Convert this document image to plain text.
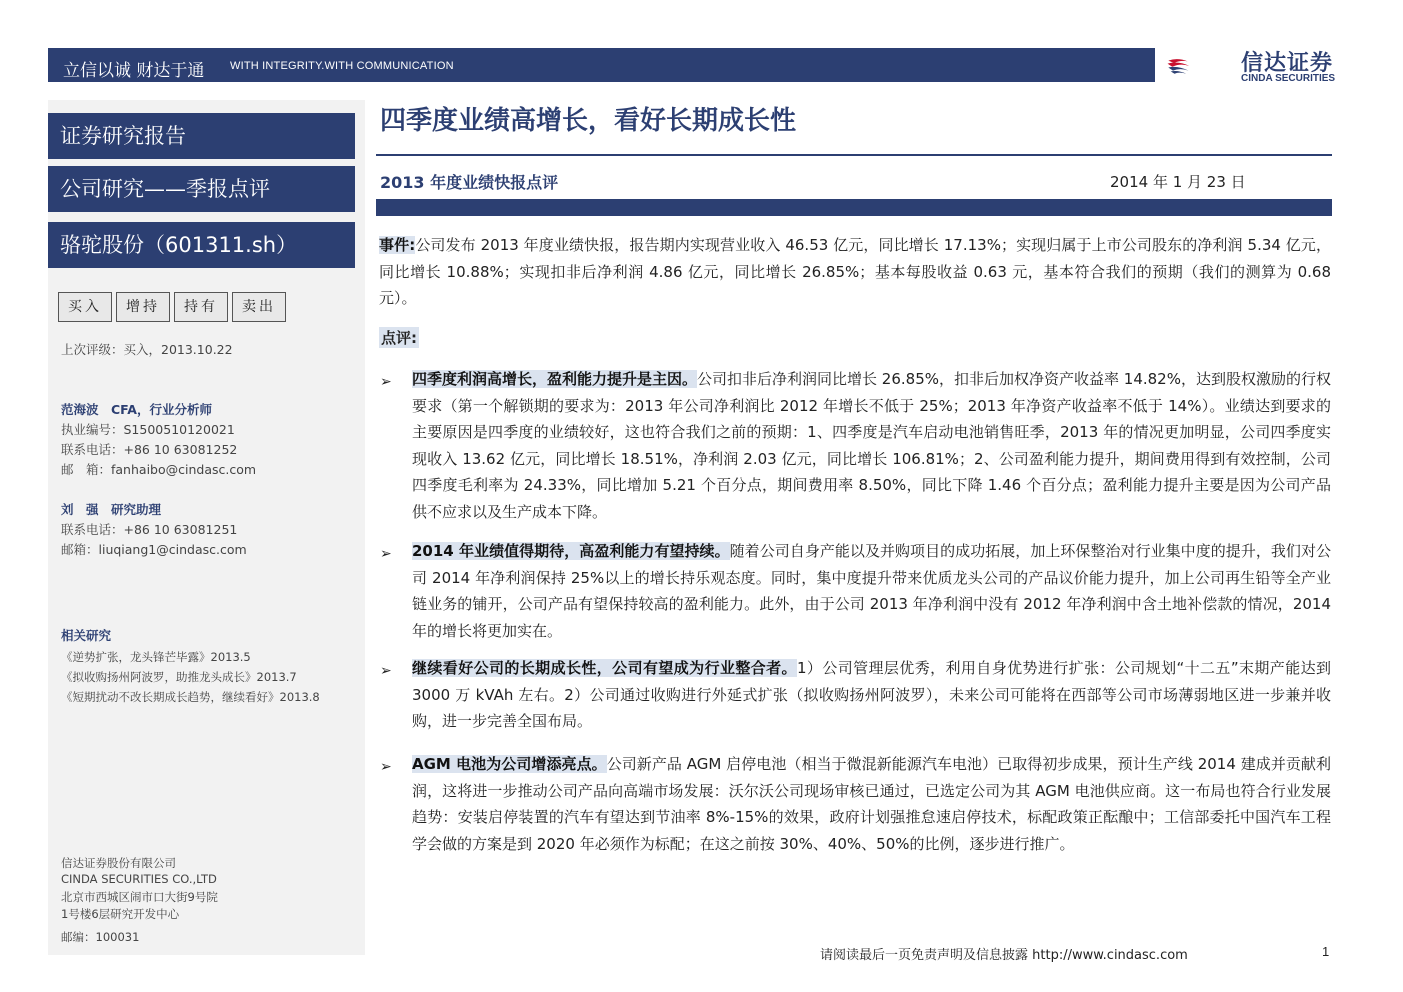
立信以诚 财达于通 WITH INTEGRITY.WITH COMMUNICATION	信达证券
CINDA SECURITIES
证券研究报告
公司研究——季报点评
骆驼股份（601311.sh）
买入	增持	持有	卖出
上次评级：买入，2013.10.22
范海波　CFA，行业分析师
执业编号：S1500510120021
联系电话：+86 10 63081252
邮　箱：fanhaibo@cindasc.com
刘　强　研究助理
联系电话：+86 10 63081251
邮箱：liuqiang1@cindasc.com
相关研究
《逆势扩张，龙头锋芒毕露》2013.5
《拟收购扬州阿波罗，助推龙头成长》2013.7
《短期扰动不改长期成长趋势，继续看好》2013.8
信达证券股份有限公司
CINDA SECURITIES CO.,LTD
北京市西城区闹市口大街9号院
1号楼6层研究开发中心
邮编：100031
四季度业绩高增长，看好长期成长性
2013 年度业绩快报点评	2014 年 1 月 23 日
事件:公司发布 2013 年度业绩快报，报告期内实现营业收入 46.53 亿元，同比增长 17.13%；实现归属于上市公司股东的净利润 5.34 亿元，同比增长 10.88%；实现扣非后净利润 4.86 亿元，同比增长 26.85%；基本每股收益 0.63 元，基本符合我们的预期（我们的测算为 0.68 元）。
点评:
➢ 四季度利润高增长，盈利能力提升是主因。公司扣非后净利润同比增长 26.85%，扣非后加权净资产收益率 14.82%，达到股权激励的行权要求（第一个解锁期的要求为：2013 年公司净利润比 2012 年增长不低于 25%；2013 年净资产收益率不低于 14%）。业绩达到要求的主要原因是四季度的业绩较好，这也符合我们之前的预期：1、四季度是汽车启动电池销售旺季，2013 年的情况更加明显，公司四季度实现收入 13.62 亿元，同比增长 18.51%，净利润 2.03 亿元，同比增长 106.81%；2、公司盈利能力提升，期间费用得到有效控制，公司四季度毛利率为 24.33%，同比增加 5.21 个百分点，期间费用率 8.50%，同比下降 1.46 个百分点；盈利能力提升主要是因为公司产品供不应求以及生产成本下降。
➢ 2014 年业绩值得期待，高盈利能力有望持续。随着公司自身产能以及并购项目的成功拓展，加上环保整治对行业集中度的提升，我们对公司 2014 年净利润保持 25%以上的增长持乐观态度。同时，集中度提升带来优质龙头公司的产品议价能力提升，加上公司再生铅等全产业链业务的铺开，公司产品有望保持较高的盈利能力。此外，由于公司 2013 年净利润中没有 2012 年净利润中含土地补偿款的情况，2014 年的增长将更加实在。
➢ 继续看好公司的长期成长性，公司有望成为行业整合者。1）公司管理层优秀，利用自身优势进行扩张：公司规划“十二五”末期产能达到 3000 万 kVAh 左右。2）公司通过收购进行外延式扩张（拟收购扬州阿波罗），未来公司可能将在西部等公司市场薄弱地区进一步兼并收购，进一步完善全国布局。
➢ AGM 电池为公司增添亮点。公司新产品 AGM 启停电池（相当于微混新能源汽车电池）已取得初步成果，预计生产线 2014 建成并贡献利润，这将进一步推动公司产品向高端市场发展：沃尔沃公司现场审核已通过，已选定公司为其 AGM 电池供应商。这一布局也符合行业发展趋势：安装启停装置的汽车有望达到节油率 8%-15%的效果，政府计划强推怠速启停技术，标配政策正酝酿中；工信部委托中国汽车工程学会做的方案是到 2020 年必须作为标配；在这之前按 30%、40%、50%的比例，逐步进行推广。
请阅读最后一页免责声明及信息披露 http://www.cindasc.com	1
